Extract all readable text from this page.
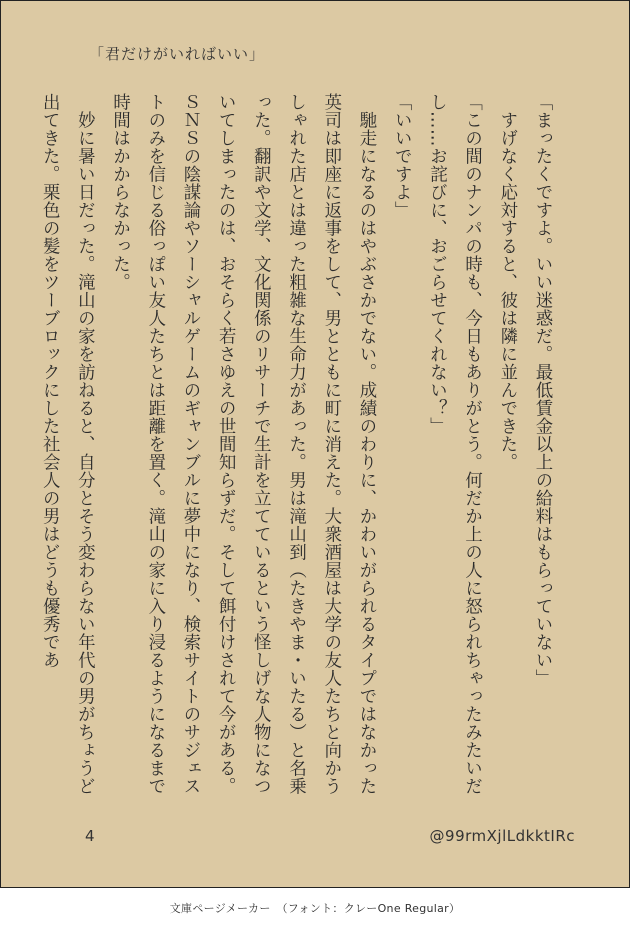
「君だけがいればいい」

「まったくですよ。いい迷惑だ。最低賃金以上の給料はもらっていない」

　すげなく応対すると、彼は隣に並んできた。

「この間のナンパの時も、今日もありがとう。何だか上の人に怒られちゃったみたいだし……お詫びに、おごらせてくれない？」

「いいですよ」

　馳走になるのはやぶさかでない。成績のわりに、かわいがられるタイプではなかった英司は即座に返事をして、男とともに町に消えた。大衆酒屋は大学の友人たちと向かうしゃれた店とは違った粗雑な生命力があった。男は滝山到（たきやま・いたる）と名乗った。翻訳や文学、文化関係のリサーチで生計を立てているという怪しげな人物になついてしまったのは、おそらく若さゆえの世間知らずだ。そして餌付けされて今がある。ＳＮＳの陰謀論やソーシャルゲームのギャンブルに夢中になり、検索サイトのサジェストのみを信じる俗っぽい友人たちとは距離を置く。滝山の家に入り浸るようになるまで時間はかからなかった。

　妙に暑い日だった。滝山の家を訪ねると、自分とそう変わらない年代の男がちょうど出てきた。栗色の髪をツーブロックにした社会人の男はどうも優秀であ

4	@99rmXjlLdkktIRc
文庫ページメーカー　（フォント：クレーOne Regular）
